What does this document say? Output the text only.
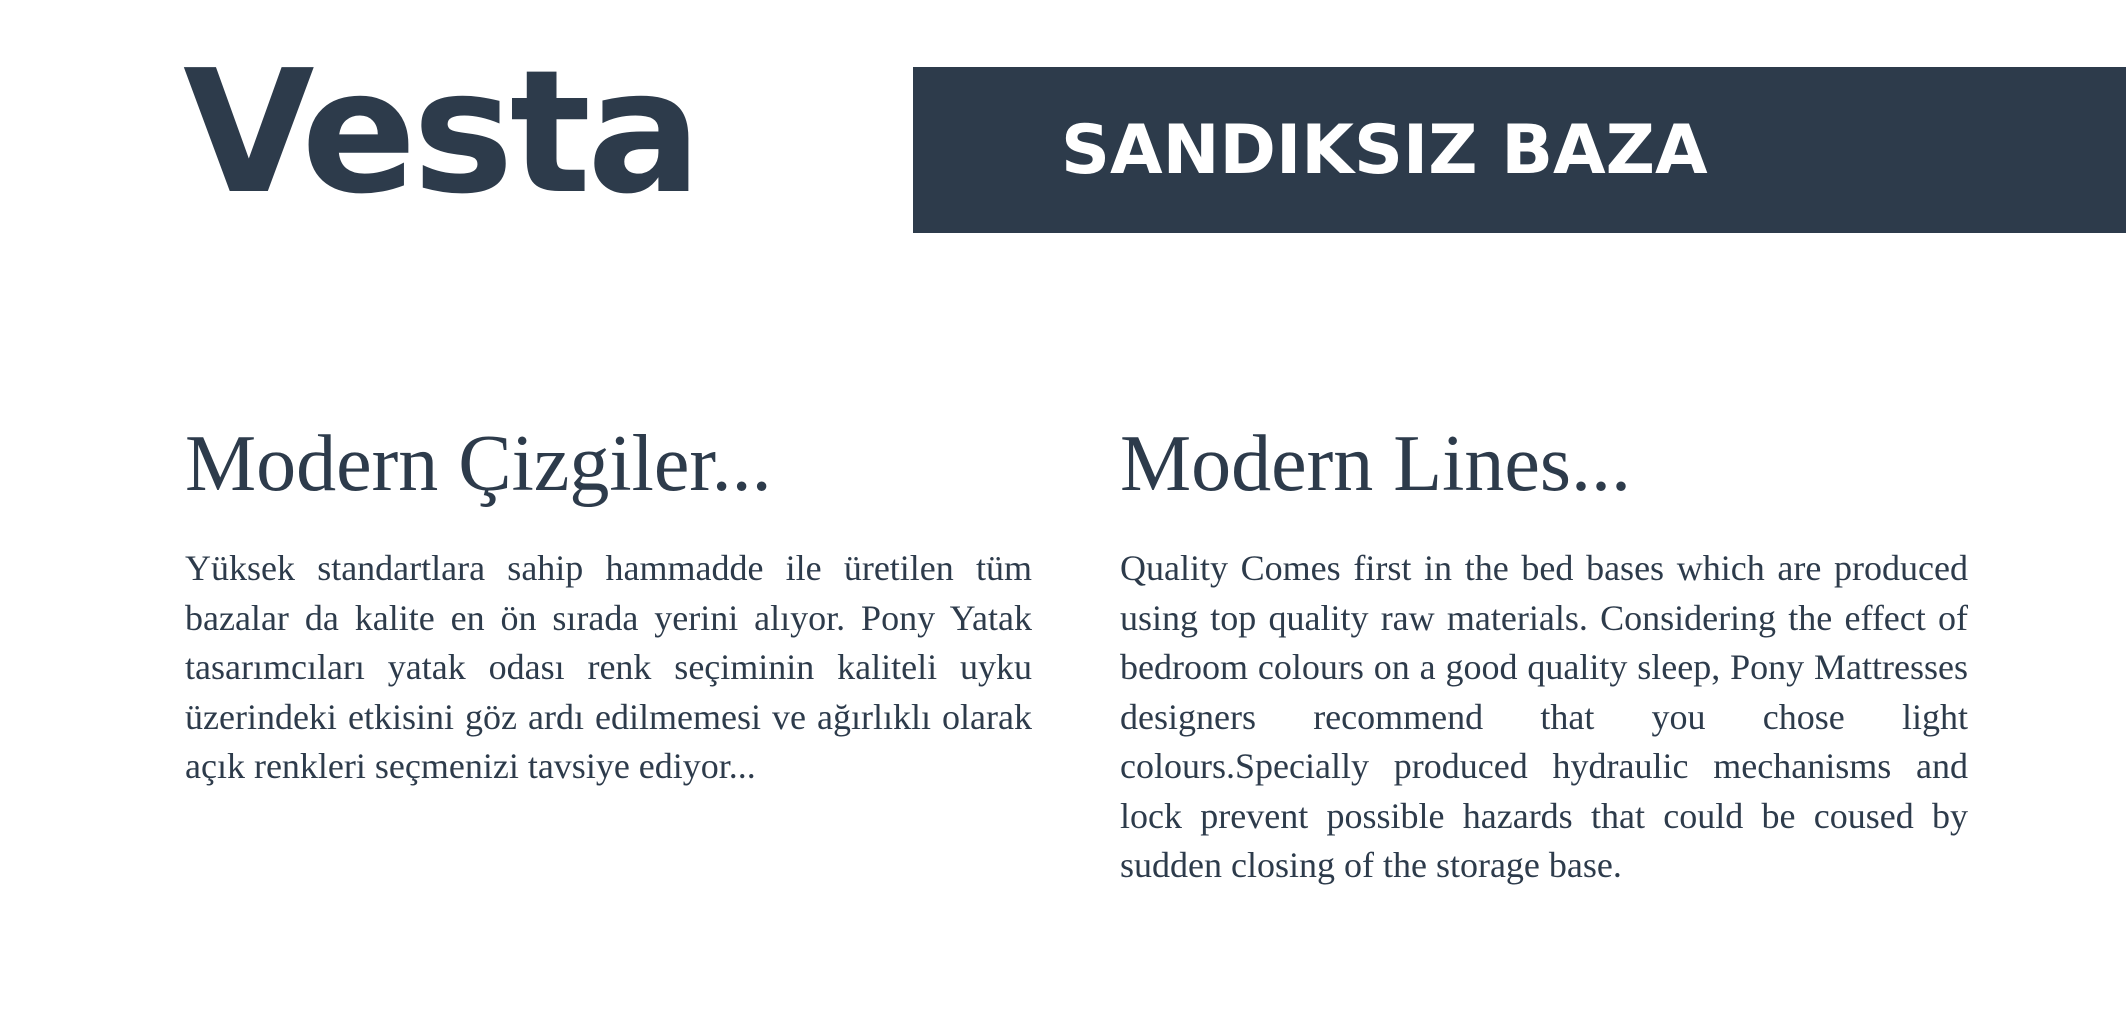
Vesta	SANDIKSIZ BAZA
Modern Çizgiler...

Yüksek standartlara sahip hammadde ile üretilen tüm bazalar da kalite en ön sırada yerini alıyor. Pony Yatak tasarımcıları yatak odası renk seçiminin kaliteli uyku üzerindeki etkisini göz ardı edilmemesi ve ağırlıklı olarak açık renkleri seçmenizi tavsiye ediyor...

Modern Lines...

Quality Comes first in the bed bases which are produced using top quality raw materials. Considering the effect of bedroom colours on a good quality sleep, Pony Mattresses designers recommend that you chose light colours.Specially produced hydraulic mechanisms and lock prevent possible hazards that could be coused by sudden closing of the storage base.
